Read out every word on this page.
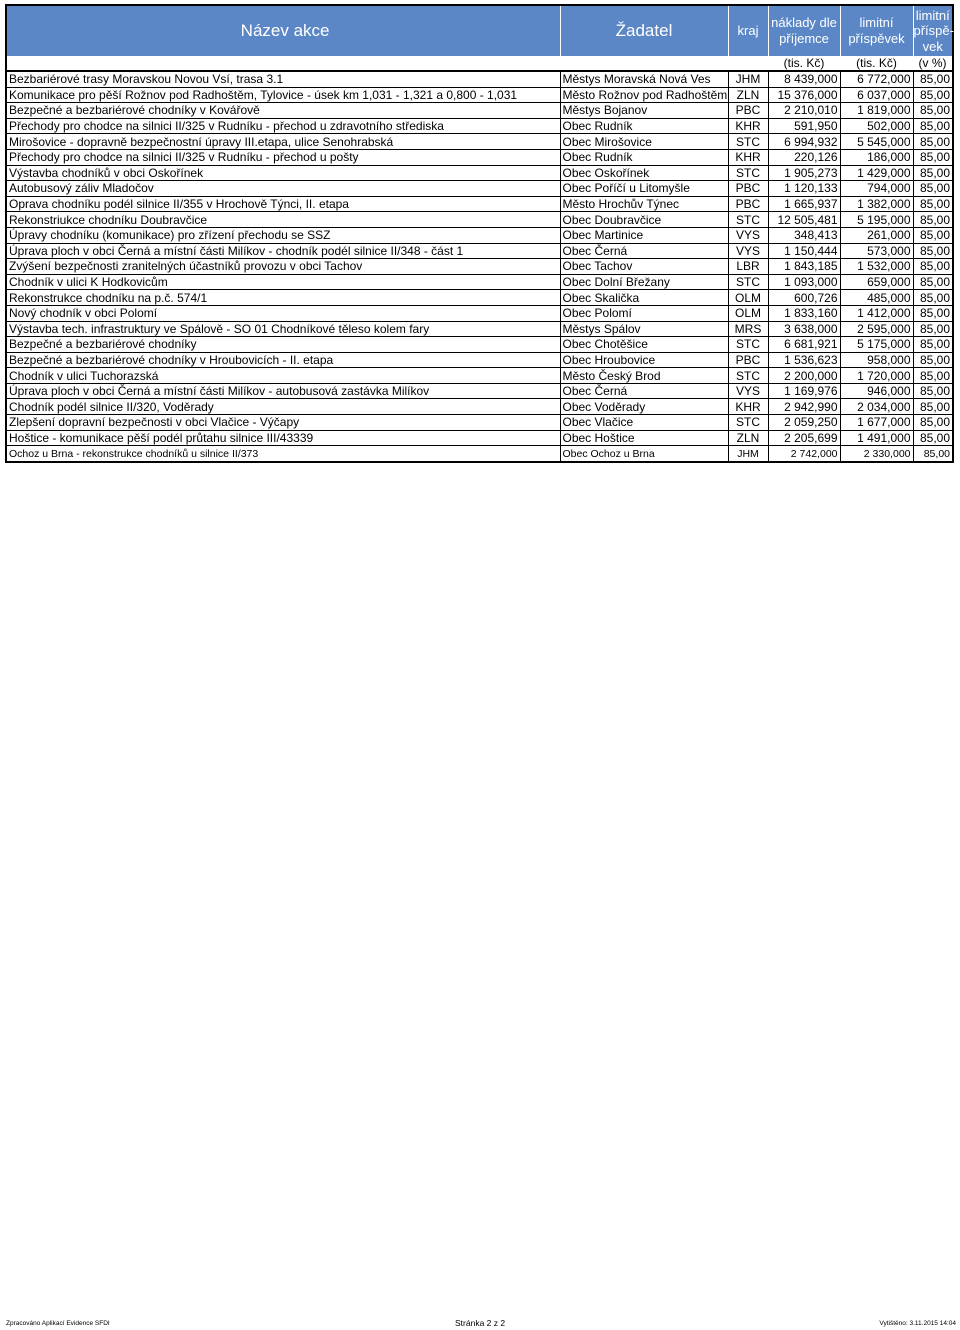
Název akce	Žadatel	kraj	náklady dle příjemce	limitní příspěvek	limitní příspě-vek
			(tis. Kč)	(tis. Kč)	(v %)
Bezbariérové trasy Moravskou Novou Vsí, trasa 3.1	Městys Moravská Nová Ves	JHM	8 439,000	6 772,000	85,00
Komunikace pro pěší Rožnov pod Radhoštěm, Tylovice - úsek km 1,031 - 1,321 a 0,800 - 1,031	Město Rožnov pod Radhoštěm	ZLN	15 376,000	6 037,000	85,00
Bezpečné a bezbariérové chodníky v Kovářově	Městys Bojanov	PBC	2 210,010	1 819,000	85,00
Přechody pro chodce na silnici II/325 v Rudníku - přechod u zdravotního střediska	Obec Rudník	KHR	591,950	502,000	85,00
Mirošovice - dopravně bezpečnostní úpravy III.etapa, ulice Senohrabská	Obec Mirošovice	STC	6 994,932	5 545,000	85,00
Přechody pro chodce na silnici II/325 v Rudníku - přechod u pošty	Obec Rudník	KHR	220,126	186,000	85,00
Výstavba chodníků v obci Oskořínek	Obec Oskořínek	STC	1 905,273	1 429,000	85,00
Autobusový záliv Mladočov	Obec Poříčí u Litomyšle	PBC	1 120,133	794,000	85,00
Oprava chodníku podél silnice II/355 v Hrochově Týnci, II. etapa	Město Hrochův Týnec	PBC	1 665,937	1 382,000	85,00
Rekonstriukce chodníku Doubravčice	Obec Doubravčice	STC	12 505,481	5 195,000	85,00
Úpravy chodníku (komunikace) pro zřízení přechodu se SSZ	Obec Martinice	VYS	348,413	261,000	85,00
Úprava ploch v obci Černá a místní části Milíkov - chodník podél silnice II/348 - část 1	Obec Černá	VYS	1 150,444	573,000	85,00
Zvýšení bezpečnosti zranitelných účastníků provozu v obci Tachov	Obec Tachov	LBR	1 843,185	1 532,000	85,00
Chodník v ulici K Hodkovicům	Obec Dolní Břežany	STC	1 093,000	659,000	85,00
Rekonstrukce chodníku na p.č. 574/1	Obec Skalička	OLM	600,726	485,000	85,00
Nový chodník v obci Polomí	Obec Polomí	OLM	1 833,160	1 412,000	85,00
Výstavba tech. infrastruktury ve Spálově - SO 01 Chodníkové těleso kolem fary	Městys Spálov	MRS	3 638,000	2 595,000	85,00
Bezpečné a bezbariérové chodníky	Obec Chotěšice	STC	6 681,921	5 175,000	85,00
Bezpečné a bezbariérové chodníky v Hroubovicích - II. etapa	Obec Hroubovice	PBC	1 536,623	958,000	85,00
Chodník v ulici Tuchorazská	Město Český Brod	STC	2 200,000	1 720,000	85,00
Úprava ploch v obci Černá a místní části Milíkov - autobusová zastávka Milíkov	Obec Černá	VYS	1 169,976	946,000	85,00
Chodník podél silnice II/320, Voděrady	Obec Voděrady	KHR	2 942,990	2 034,000	85,00
Zlepšení dopravní bezpečnosti v obci Vlačice - Výčapy	Obec Vlačice	STC	2 059,250	1 677,000	85,00
Hoštice - komunikace pěší podél průtahu silnice III/43339	Obec Hoštice	ZLN	2 205,699	1 491,000	85,00
Ochoz u Brna - rekonstrukce chodníků u silnice II/373	Obec Ochoz u Brna	JHM	2 742,000	2 330,000	85,00
Zpracováno Aplikací Evidence SFDI	Stránka 2 z 2	Vytištěno: 3.11.2015 14:04
